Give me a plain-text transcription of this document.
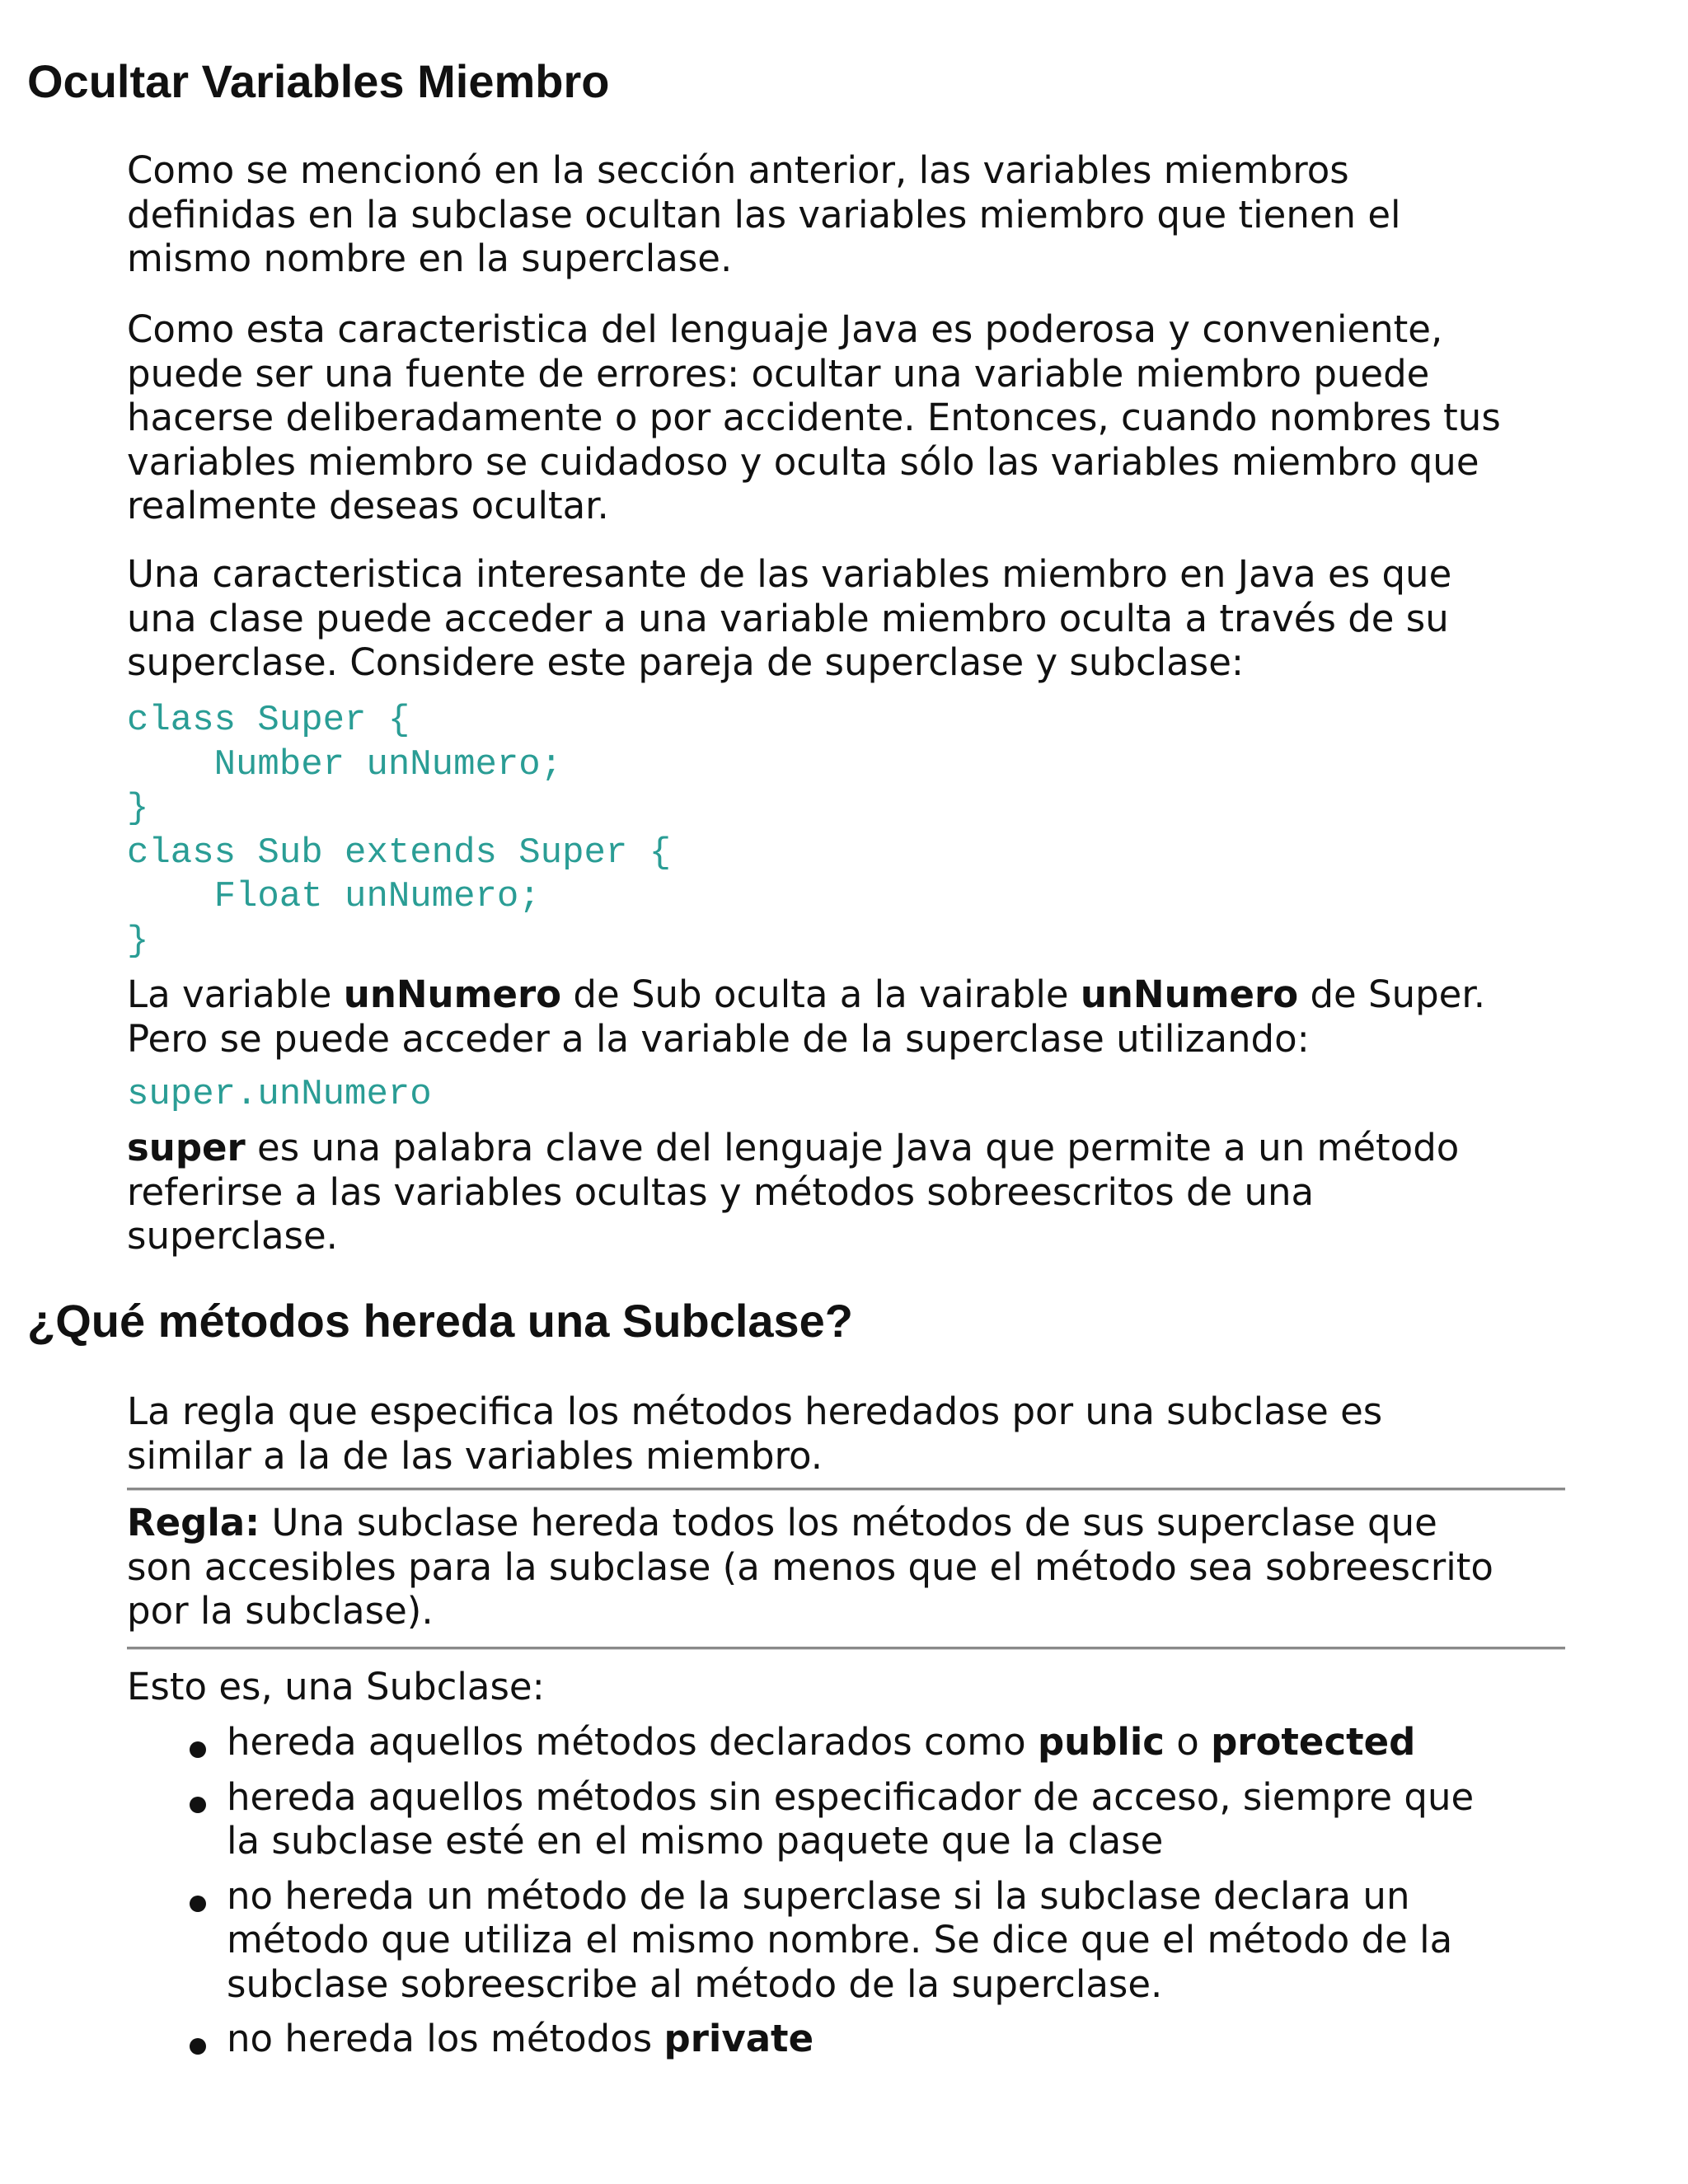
Ocultar Variables Miembro

Como se mencionó en la sección anterior, las variables miembros
definidas en la subclase ocultan las variables miembro que tienen el
mismo nombre en la superclase.

Como esta caracteristica del lenguaje Java es poderosa y conveniente,
puede ser una fuente de errores: ocultar una variable miembro puede
hacerse deliberadamente o por accidente. Entonces, cuando nombres tus
variables miembro se cuidadoso y oculta sólo las variables miembro que
realmente deseas ocultar.

Una caracteristica interesante de las variables miembro en Java es que
una clase puede acceder a una variable miembro oculta a través de su
superclase. Considere este pareja de superclase y subclase:

class Super {
Number unNumero;
}
class Sub extends Super {
Float unNumero;
}

La variable unNumero de Sub oculta a la vairable unNumero de Super.
Pero se puede acceder a la variable de la superclase utilizando:

super.unNumero

super es una palabra clave del lenguaje Java que permite a un método
referirse a las variables ocultas y métodos sobreescritos de una
superclase.

¿Qué métodos hereda una Subclase?

La regla que especifica los métodos heredados por una subclase es
similar a la de las variables miembro.

Regla: Una subclase hereda todos los métodos de sus superclase que
son accesibles para la subclase (a menos que el método sea sobreescrito
por la subclase).

Esto es, una Subclase:

hereda aquellos métodos declarados como public o protected
hereda aquellos métodos sin especificador de acceso, siempre que
la subclase esté en el mismo paquete que la clase
no hereda un método de la superclase si la subclase declara un
método que utiliza el mismo nombre. Se dice que el método de la
subclase sobreescribe al método de la superclase.
no hereda los métodos private
